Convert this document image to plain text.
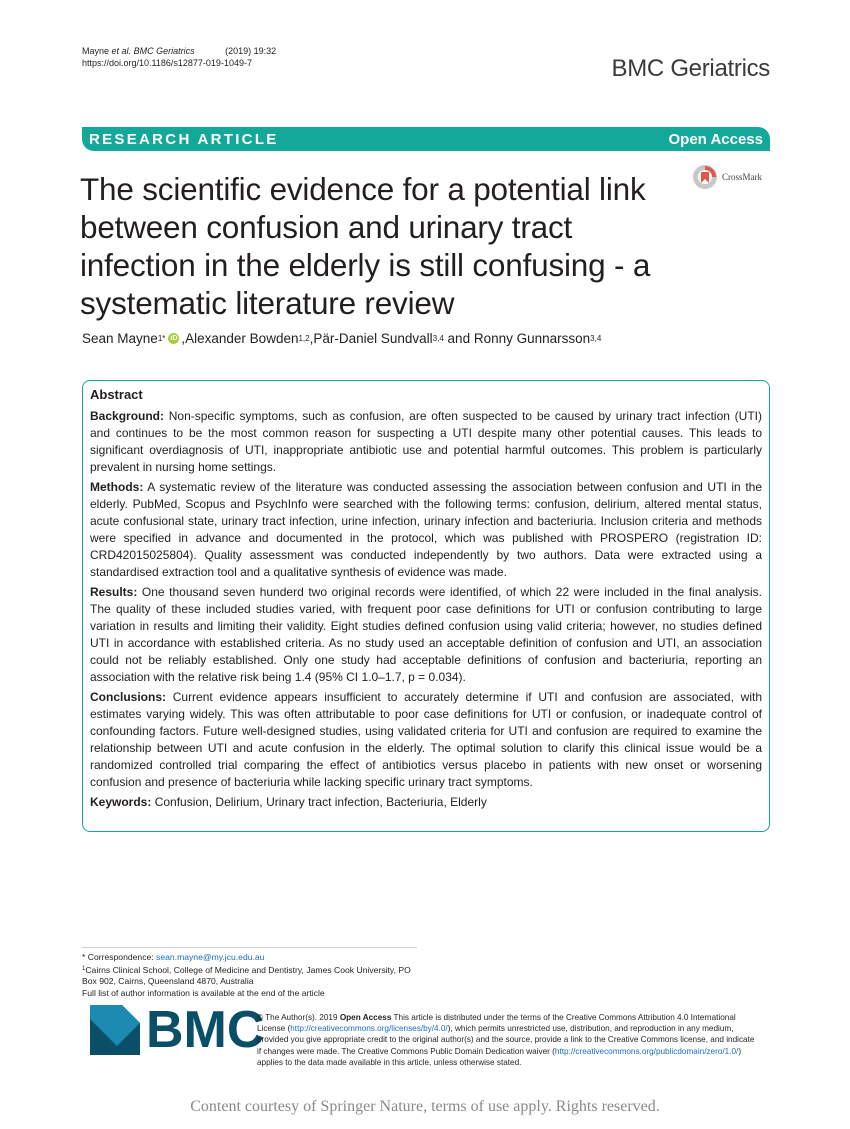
Mayne et al. BMC Geriatrics	(2019) 19:32
https://doi.org/10.1186/s12877-019-1049-7	BMC Geriatrics
RESEARCH ARTICLE	Open Access
CrossMark
The scientific evidence for a potential link between confusion and urinary tract infection in the elderly is still confusing - a systematic literature review
Sean Mayne 1* iD , Alexander Bowden 1,2 , Pär-Daniel Sundvall 3,4 and Ronny Gunnarsson 3,4
Abstract

Background: Non-specific symptoms, such as confusion, are often suspected to be caused by urinary tract infection (UTI) and continues to be the most common reason for suspecting a UTI despite many other potential causes. This leads to significant overdiagnosis of UTI, inappropriate antibiotic use and potential harmful outcomes. This problem is particularly prevalent in nursing home settings.

Methods: A systematic review of the literature was conducted assessing the association between confusion and UTI in the elderly. PubMed, Scopus and PsychInfo were searched with the following terms: confusion, delirium, altered mental status, acute confusional state, urinary tract infection, urine infection, urinary infection and bacteriuria. Inclusion criteria and methods were specified in advance and documented in the protocol, which was published with PROSPERO (registration ID: CRD42015025804). Quality assessment was conducted independently by two authors. Data were extracted using a standardised extraction tool and a qualitative synthesis of evidence was made.

Results: One thousand seven hunderd two original records were identified, of which 22 were included in the final analysis. The quality of these included studies varied, with frequent poor case definitions for UTI or confusion contributing to large variation in results and limiting their validity. Eight studies defined confusion using valid criteria; however, no studies defined UTI in accordance with established criteria. As no study used an acceptable definition of confusion and UTI, an association could not be reliably established. Only one study had acceptable definitions of confusion and bacteriuria, reporting an association with the relative risk being 1.4 (95% CI 1.0–1.7, p = 0.034).

Conclusions: Current evidence appears insufficient to accurately determine if UTI and confusion are associated, with estimates varying widely. This was often attributable to poor case definitions for UTI or confusion, or inadequate control of confounding factors. Future well-designed studies, using validated criteria for UTI and confusion are required to examine the relationship between UTI and acute confusion in the elderly. The optimal solution to clarify this clinical issue would be a randomized controlled trial comparing the effect of antibiotics versus placebo in patients with new onset or worsening confusion and presence of bacteriuria while lacking specific urinary tract symptoms.

Keywords: Confusion, Delirium, Urinary tract infection, Bacteriuria, Elderly

* Correspondence: sean.mayne@my.jcu.edu.au
$^1$Cairns Clinical School, College of Medicine and Dentistry, James Cook University, PO Box 902, Cairns, Queensland 4870, Australia
Full list of author information is available at the end of the article
BMC
© The Author(s). 2019 Open Access This article is distributed under the terms of the Creative Commons Attribution 4.0 International License (http://creativecommons.org/licenses/by/4.0/), which permits unrestricted use, distribution, and reproduction in any medium, provided you give appropriate credit to the original author(s) and the source, provide a link to the Creative Commons license, and indicate if changes were made. The Creative Commons Public Domain Dedication waiver (http://creativecommons.org/publicdomain/zero/1.0/) applies to the data made available in this article, unless otherwise stated.
Content courtesy of Springer Nature, terms of use apply. Rights reserved.
